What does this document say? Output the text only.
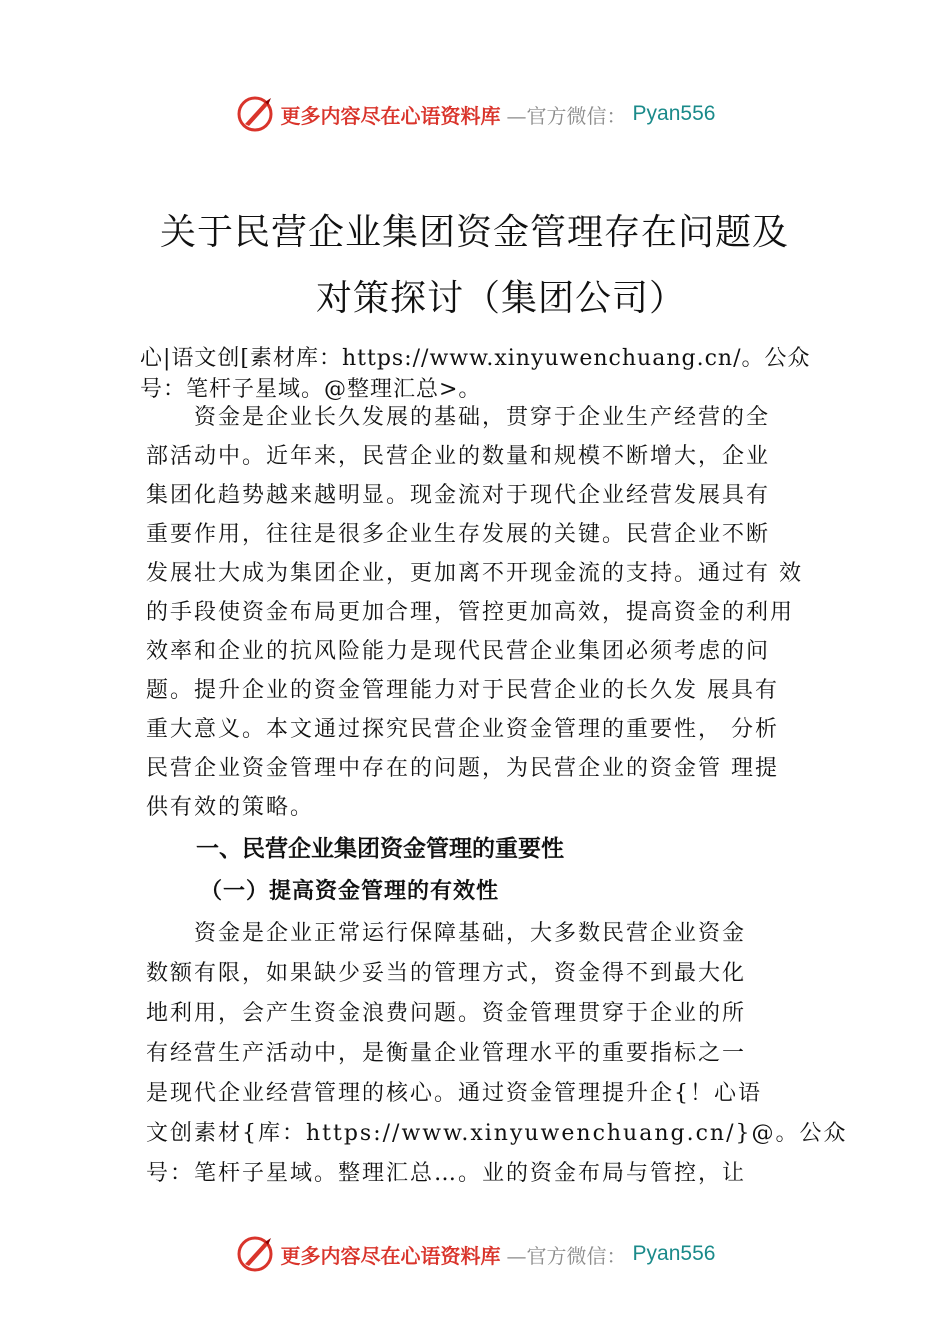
更多内容尽在心语资料库 —官方微信： Pyan556
关于民营企业集团资金管理存在问题及
对策探讨（集团公司）
心|语文创[素材库：https://www.xinyuwenchuang.cn/。公众
号：笔杆子星域。@整理汇总>。
　　资金是企业长久发展的基础，贯穿于企业生产经营的全
部活动中。近年来，民营企业的数量和规模不断增大，企业
集团化趋势越来越明显。现金流对于现代企业经营发展具有
重要作用，往往是很多企业生存发展的关键。民营企业不断
发展壮大成为集团企业，更加离不开现金流的支持。通过有 效
的手段使资金布局更加合理，管控更加高效，提高资金的利用
效率和企业的抗风险能力是现代民营企业集团必须考虑的问
题。提升企业的资金管理能力对于民营企业的长久发 展具有
重大意义。本文通过探究民营企业资金管理的重要性， 分析
民营企业资金管理中存在的问题，为民营企业的资金管 理提
供有效的策略。
一、民营企业集团资金管理的重要性
（一）提高资金管理的有效性
　　资金是企业正常运行保障基础，大多数民营企业资金
数额有限，如果缺少妥当的管理方式，资金得不到最大化
地利用，会产生资金浪费问题。资金管理贯穿于企业的所
有经营生产活动中，是衡量企业管理水平的重要指标之一
是现代企业经营管理的核心。通过资金管理提升企{！心语
文创素材{库：https://www.xinyuwenchuang.cn/}@。公众
号：笔杆子星域。整理汇总…。业的资金布局与管控，让
更多内容尽在心语资料库 —官方微信： Pyan556
